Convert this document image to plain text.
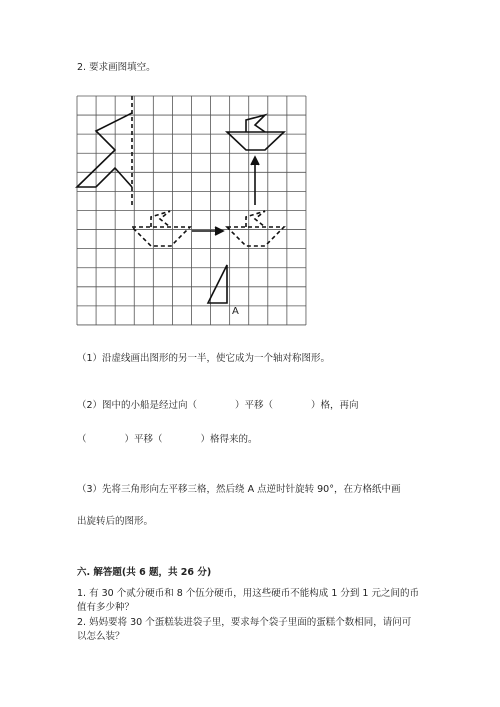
2. 要求画图填空。
A
（1）沿虚线画出图形的另一半，使它成为一个轴对称图形。
（2）图中的小船是经过向（　　　　）平移（　　　　）格，再向
（　　　　）平移（　　　　）格得来的。
（3）先将三角形向左平移三格，然后绕 A 点逆时针旋转 90°，在方格纸中画
出旋转后的图形。
六. 解答题(共 6 题，共 26 分)
1. 有 30 个贰分硬币和 8 个伍分硬币，用这些硬币不能构成 1 分到 1 元之间的币
值有多少种？
2. 妈妈要将 30 个蛋糕装进袋子里，要求每个袋子里面的蛋糕个数相同，请问可
以怎么装？
